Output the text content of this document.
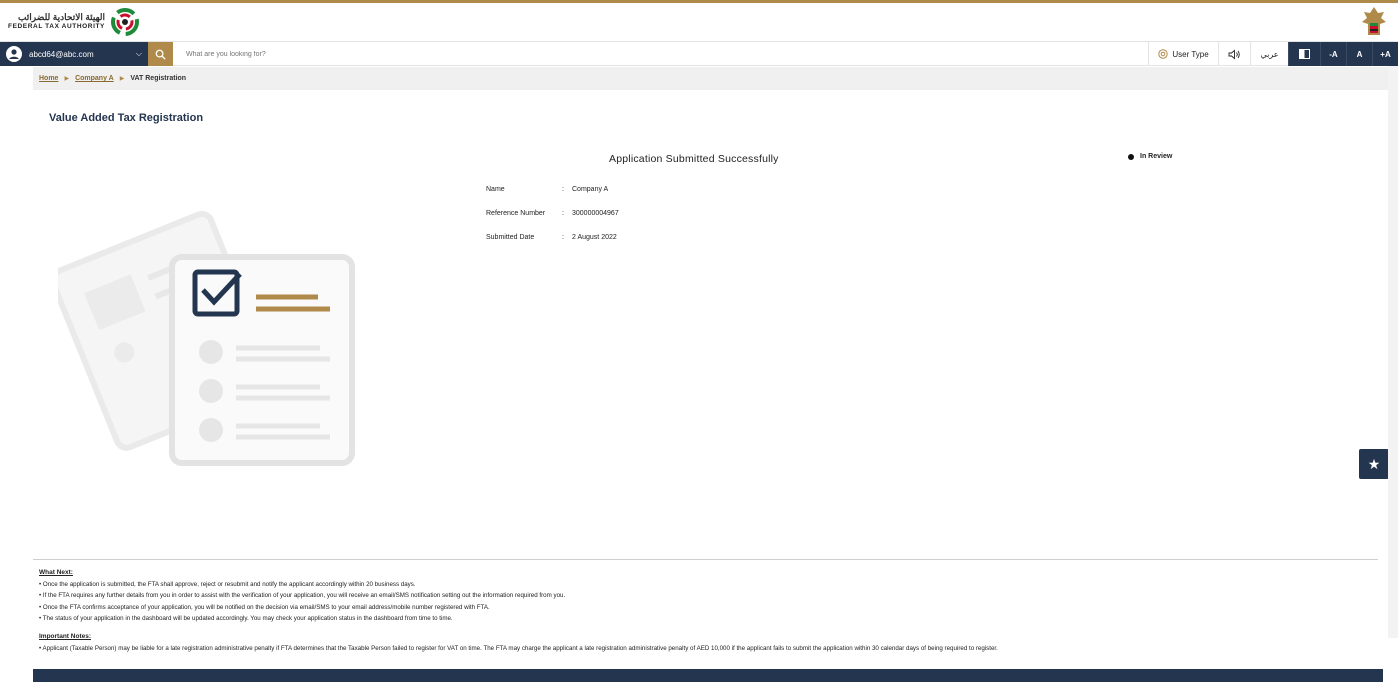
الهيئة الاتحادية للضرائب
FEDERAL TAX AUTHORITY
abcd64@abc.com	⌵
What are you looking for?	User Type	عربي	-A	A	+A
Home ▶ Company A ▶ VAT Registration
Value Added Tax Registration
Application Submitted Successfully	In Review
Name	:	Company A
Reference Number	:	300000004967
Submitted Date	:	2 August 2022
★
What Next:
• Once the application is submitted, the FTA shall approve, reject or resubmit and notify the applicant accordingly within 20 business days.
• If the FTA requires any further details from you in order to assist with the verification of your application, you will receive an email/SMS notification setting out the information required from you.
• Once the FTA confirms acceptance of your application, you will be notified on the decision via email/SMS to your email address/mobile number registered with FTA.
• The status of your application in the dashboard will be updated accordingly. You may check your application status in the dashboard from time to time.
Important Notes:
• Applicant (Taxable Person) may be liable for a late registration administrative penalty if FTA determines that the Taxable Person failed to register for VAT on time. The FTA may charge the applicant a late registration administrative penalty of AED 10,000 if the applicant fails to submit the application within 30 calendar days of being required to register.
